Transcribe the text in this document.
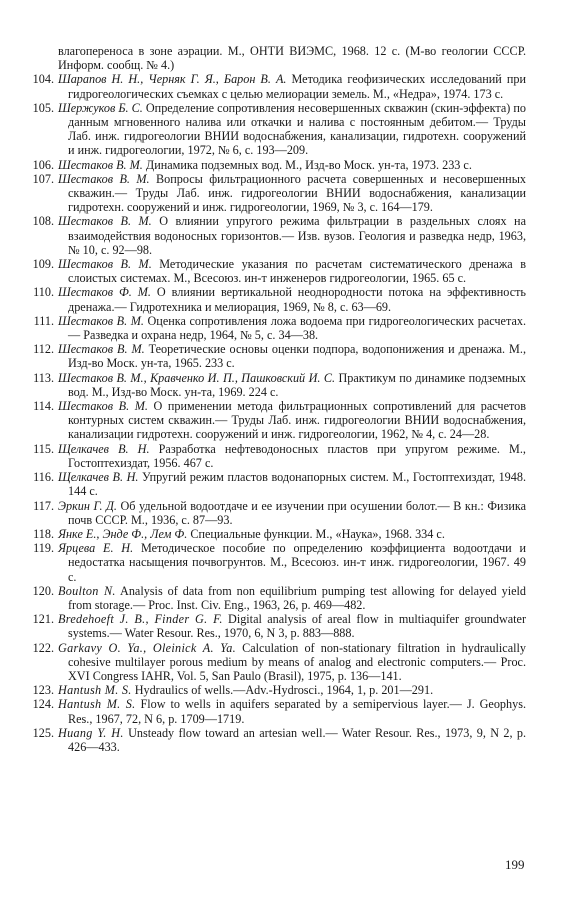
влагопереноса в зоне аэрации. М., ОНТИ ВИЭМС, 1968. 12 с. (М-во геологии СССР. Информ. сообщ. № 4.)
104. Шарапов Н. Н., Черняк Г. Я., Барон В. А. Методика геофизических исследований при гидрогеологических съемках с целью мелиорации земель. М., «Недра», 1974. 173 с.
105. Шержуков Б. С. Определение сопротивления несовершенных скважин (скин-эффекта) по данным мгновенного налива или откачки и налива с постоянным дебитом.— Труды Лаб. инж. гидрогеологии ВНИИ водоснабжения, канализации, гидротехн. сооружений и инж. гидрогеологии, 1972, № 6, с. 193—209.
106. Шестаков В. М. Динамика подземных вод. М., Изд-во Моск. ун-та, 1973. 233 с.
107. Шестаков В. М. Вопросы фильтрационного расчета совершенных и несовершенных скважин.— Труды Лаб. инж. гидрогеологии ВНИИ водоснабжения, канализации гидротехн. сооружений и инж. гидрогеологии, 1969, № 3, с. 164—179.
108. Шестаков В. М. О влиянии упругого режима фильтрации в раздельных слоях на взаимодействия водоносных горизонтов.— Изв. вузов. Геология и разведка недр, 1963, № 10, с. 92—98.
109. Шестаков В. М. Методические указания по расчетам систематического дренажа в слоистых системах. М., Всесоюз. ин-т инженеров гидрогеологии, 1965. 65 с.
110. Шестаков Ф. М. О влиянии вертикальной неоднородности потока на эффективность дренажа.— Гидротехника и мелиорация, 1969, № 8, с. 63—69.
111. Шестаков В. М. Оценка сопротивления ложа водоема при гидрогеологических расчетах.— Разведка и охрана недр, 1964, № 5, с. 34—38.
112. Шестаков В. М. Теоретические основы оценки подпора, водопонижения и дренажа. М., Изд-во Моск. ун-та, 1965. 233 с.
113. Шестаков В. М., Кравченко И. П., Пашковский И. С. Практикум по динамике подземных вод. М., Изд-во Моск. ун-та, 1969. 224 с.
114. Шестаков В. М. О применении метода фильтрационных сопротивлений для расчетов контурных систем скважин.— Труды Лаб. инж. гидрогеологии ВНИИ водоснабжения, канализации гидротехн. сооружений и инж. гидрогеологии, 1962, № 4, с. 24—28.
115. Щелкачев В. Н. Разработка нефтеводоносных пластов при упругом режиме. М., Гостоптехиздат, 1956. 467 с.
116. Щелкачев В. Н. Упругий режим пластов водонапорных систем. М., Гостоптехиздат, 1948. 144 с.
117. Эркин Г. Д. Об удельной водоотдаче и ее изучении при осушении болот.— В кн.: Физика почв СССР. М., 1936, с. 87—93.
118. Янке Е., Энде Ф., Лем Ф. Специальные функции. М., «Наука», 1968. 334 с.
119. Ярцева Е. Н. Методическое пособие по определению коэффициента водоотдачи и недостатка насыщения почвогрунтов. М., Всесоюз. ин-т инж. гидрогеологии, 1967. 49 с.
120. Boulton N. Analysis of data from non equilibrium pumping test allowing for delayed yield from storage.— Proc. Inst. Civ. Eng., 1963, 26, p. 469—482.
121. Bredehoeft J. B., Finder G. F. Digital analysis of areal flow in multiaquifer groundwater systems.— Water Resour. Res., 1970, 6, N 3, p. 883—888.
122. Garkavy O. Ya., Oleinick A. Ya. Calculation of non-stationary filtration in hydraulically cohesive multilayer porous medium by means of analog and electronic computers.— Proc. XVI Congress IAHR, Vol. 5, San Paulo (Brasil), 1975, p. 136—141.
123. Hantush M. S. Hydraulics of wells.—Adv.-Hydrosci., 1964, 1, p. 201—291.
124. Hantush M. S. Flow to wells in aquifers separated by a semipervious layer.— J. Geophys. Res., 1967, 72, N 6, p. 1709—1719.
125. Huang Y. H. Unsteady flow toward an artesian well.— Water Resour. Res., 1973, 9, N 2, p. 426—433.
199
